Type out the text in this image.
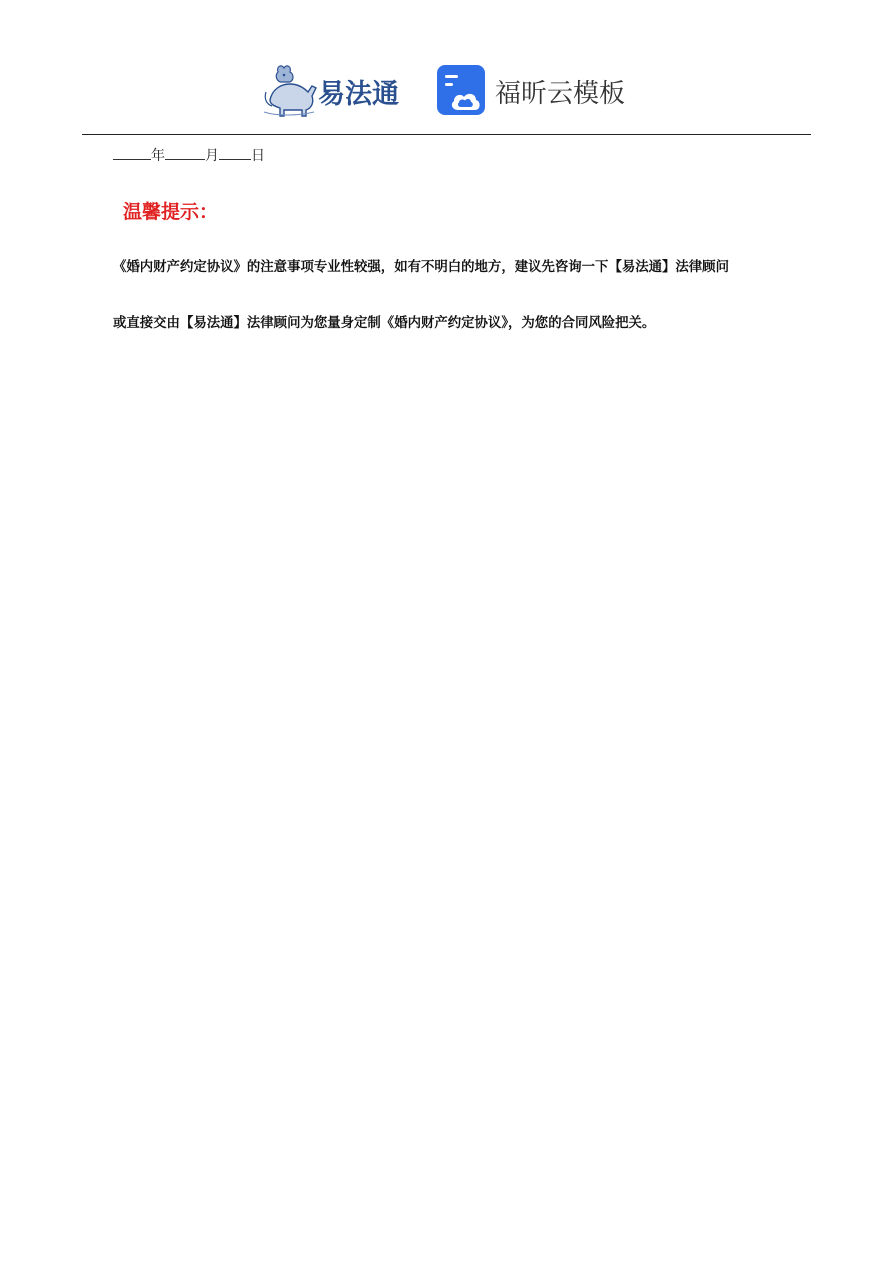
易法通	福昕云模板
年	月 日
温馨提示：
《婚内财产约定协议》的注意事项专业性较强，如有不明白的地方，建议先咨询一下【易法通】法律顾问
或直接交由【易法通】法律顾问为您量身定制《婚内财产约定协议》，为您的合同风险把关。
